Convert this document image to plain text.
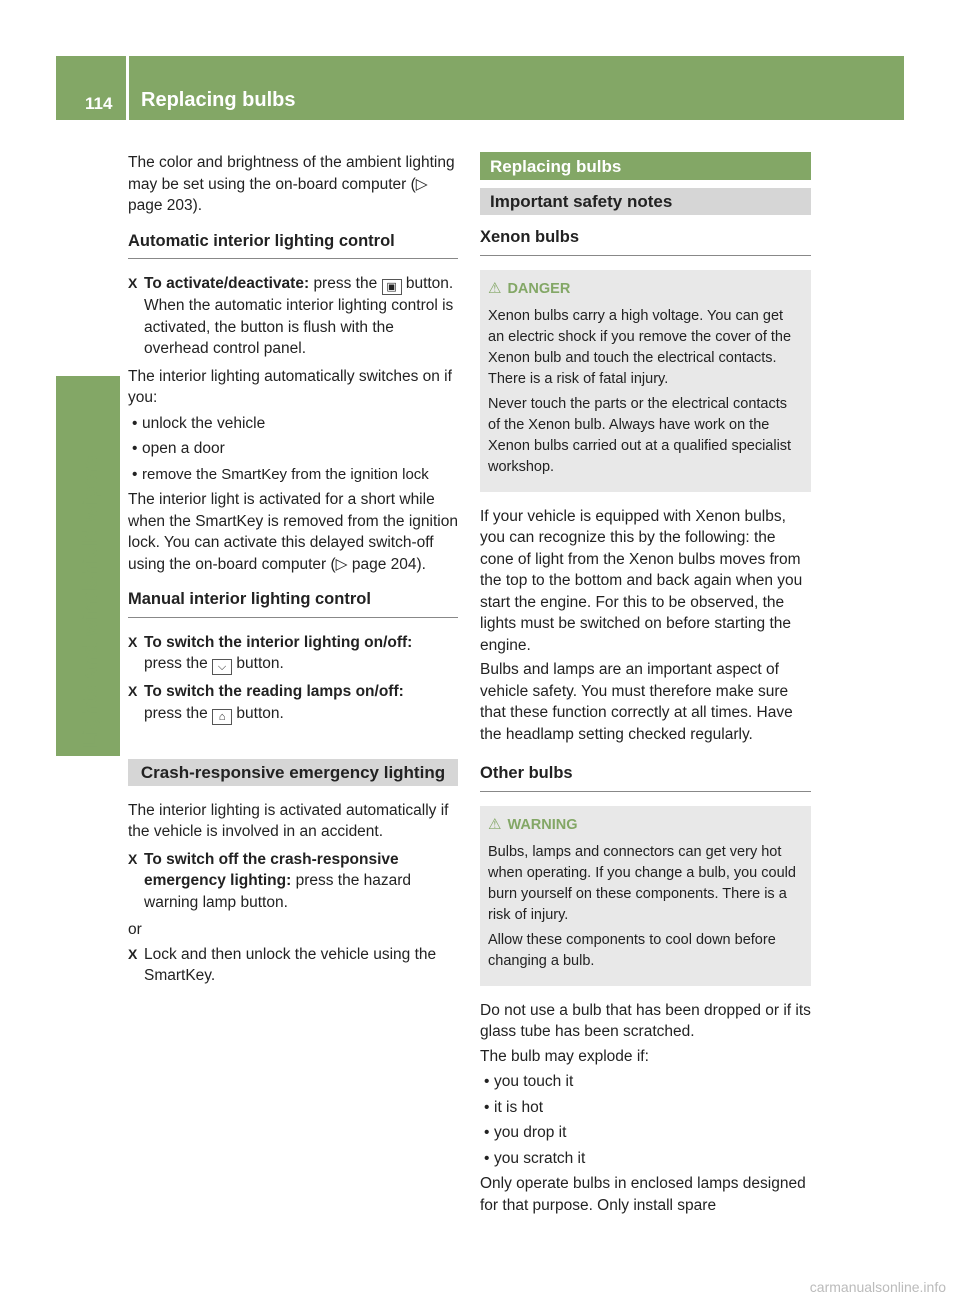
114 Replacing bulbs
Lights and windshield wipers

The color and brightness of the ambient lighting may be set using the on-board computer (▷ page 203).

Automatic interior lighting control
X To activate/deactivate: press the ▣ button.
When the automatic interior lighting control is activated, the button is flush with the overhead control panel.

The interior lighting automatically switches on if you:

• unlock the vehicle
• open a door
• remove the SmartKey from the ignition lock

The interior light is activated for a short while when the SmartKey is removed from the ignition lock. You can activate this delayed switch-off using the on-board computer (▷ page 204).

Manual interior lighting control
X To switch the interior lighting on/off:
press the ⌵ button.
X To switch the reading lamps on/off:
press the ⌂ button.
Crash-responsive emergency lighting

The interior lighting is activated automatically if the vehicle is involved in an accident.

X To switch off the crash-responsive emergency lighting: press the hazard warning lamp button.

or

X Lock and then unlock the vehicle using the SmartKey.
Replacing bulbs
Important safety notes
Xenon bulbs
⚠ DANGER

Xenon bulbs carry a high voltage. You can get an electric shock if you remove the cover of the Xenon bulb and touch the electrical contacts. There is a risk of fatal injury.

Never touch the parts or the electrical contacts of the Xenon bulb. Always have work on the Xenon bulbs carried out at a qualified specialist workshop.

If your vehicle is equipped with Xenon bulbs, you can recognize this by the following: the cone of light from the Xenon bulbs moves from the top to the bottom and back again when you start the engine. For this to be observed, the lights must be switched on before starting the engine.

Bulbs and lamps are an important aspect of vehicle safety. You must therefore make sure that these function correctly at all times. Have the headlamp setting checked regularly.

Other bulbs
⚠ WARNING

Bulbs, lamps and connectors can get very hot when operating. If you change a bulb, you could burn yourself on these components. There is a risk of injury.

Allow these components to cool down before changing a bulb.

Do not use a bulb that has been dropped or if its glass tube has been scratched.

The bulb may explode if:

• you touch it
• it is hot
• you drop it
• you scratch it

Only operate bulbs in enclosed lamps designed for that purpose. Only install spare

carmanualsonline.info
